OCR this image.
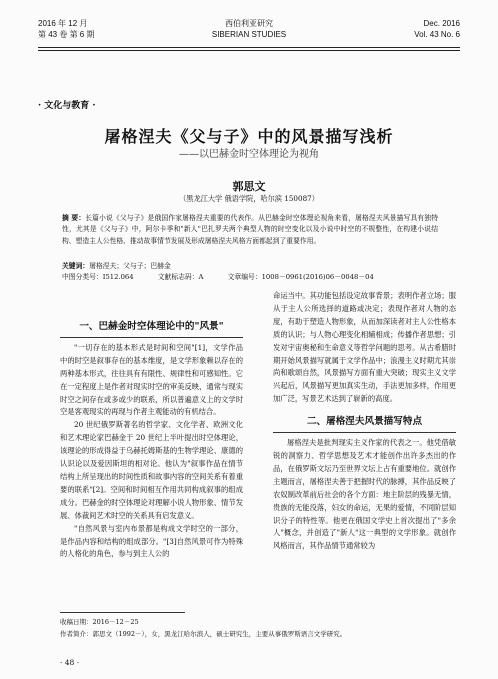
2016 年 12 月
第 43 卷 第 6 期
西伯利亚研究
SIBERIAN STUDIES
Dec. 2016
Vol. 43 No. 6
· 文化与教育 ·
屠格涅夫《父与子》中的风景描写浅析
——以巴赫金时空体理论为视角
郭思文
（黑龙江大学 俄语学院，哈尔滨 150087）
摘 要：长篇小说《父与子》是俄国作家屠格涅夫重要的代表作。从巴赫金时空体理论视角来看，屠格涅夫风景描写具有独特性，尤其是《父与子》中，阿尔卡季和"新人"巴扎罗夫两个典型人物的时空变化以及小说中时空的不规整性，在构建小说结构、塑造主人公性格、推动故事情节发展及形成屠格涅夫风格方面都起到了重要作用。
关键词：屠格涅夫；父与子；巴赫金
中图分类号：I512.064	文献标志码：A	文章编号：1008－0961(2016)06－0048－04
一、巴赫金时空体理论中的"风景"

"一切存在的基本形式是时间和空间"[1]，文学作品中的时空是叙事存在的基本维度，是文学形象赖以存在的两种基本形式，往往具有有限性、规律性和可感知性。它在一定程度上是作者对现实时空的审美反映，通常与现实时空之间存在或多或少的联系，所以普遍意义上的文学时空是客观现实的再现与作者主观能动的有机结合。

20 世纪俄罗斯著名的哲学家、文化学者、欧洲文化和艺术理论家巴赫金于 20 世纪上半叶提出时空体理论，该理论的形成得益于乌赫托姆斯基的生物学理论、康德的认识论以及爱因斯坦的相对论。他认为"叙事作品在情节结构上所呈现出的时间性质和故事内容的空间关系有着重要的联系"[2]。空间和时间相互作用共同构成叙事的组成成分。巴赫金的时空体理论对理解小说人物形象、情节发展、体裁间艺术时空的关系具有启发意义。

"自然风景与室内布景都是构成文学时空的一部分，是作品内容和结构的组成部分。"[3]自然风景可作为特殊的人格化的角色，参与到主人公的

命运当中。其功能包括设定故事背景；表明作者立场；服从于主人公所选择的道路或决定；表现作者对人物的态度，有助于塑造人物形象，从而加深读者对主人公性格本质的认识；与人物心理变化相辅相成；传播作者思想；引发对宇宙奥秘和生命意义等哲学问题的思考。从古希腊时期开始风景描写就属于文学作品中；浪漫主义时期尤其崇尚和歌颂自然，风景描写方面有重大突破；现实主义文学兴起后，风景描写更加真实生动，手法更加多样，作用更加广泛，写景艺术达到了崭新的高度。

二、屠格涅夫风景描写特点

屠格涅夫是批判现实主义作家的代表之一。他凭借敏锐的洞察力、哲学思想及艺术才能创作出许多杰出的作品，在俄罗斯文坛乃至世界文坛上占有重要地位。就创作主题而言，屠格涅夫善于把握时代的脉搏，其作品反映了农奴制改革前后社会的各个方面：地主阶层的残暴无情，贵族的无能没落，妇女的命运，无果的爱情，不同阶层知识分子的特性等。他更在俄国文学史上首次提出了"多余人"概念，并创造了"新人"这一典型的文学形象。就创作风格而言，其作品情节通常较为

收稿日期：2016－12－25
作者简介：郭思文（1992－），女，黑龙江哈尔滨人，硕士研究生，主要从事俄罗斯语言文学研究。
· 48 ·
